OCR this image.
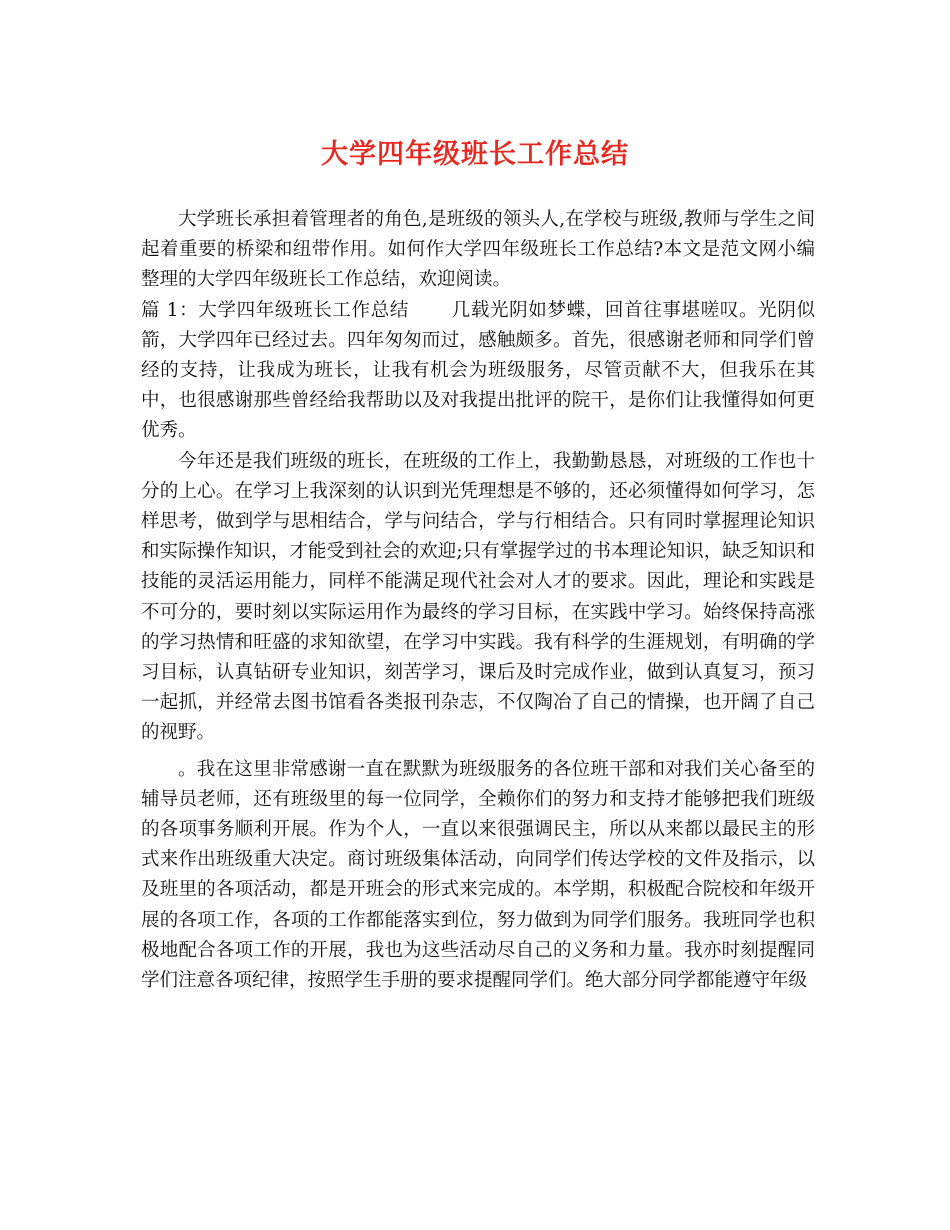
大学四年级班长工作总结

大学班长承担着管理者的角色,是班级的领头人,在学校与班级,教师与学生之间起着重要的桥梁和纽带作用。如何作大学四年级班长工作总结?本文是范文网小编整理的大学四年级班长工作总结，欢迎阅读。

篇 1：大学四年级班长工作总结 几载光阴如梦蝶，回首往事堪嗟叹。光阴似箭，大学四年已经过去。四年匆匆而过，感触颇多。首先，很感谢老师和同学们曾经的支持，让我成为班长，让我有机会为班级服务，尽管贡献不大，但我乐在其中，也很感谢那些曾经给我帮助以及对我提出批评的院干，是你们让我懂得如何更优秀。

今年还是我们班级的班长，在班级的工作上，我勤勤恳恳，对班级的工作也十分的上心。在学习上我深刻的认识到光凭理想是不够的，还必须懂得如何学习，怎样思考，做到学与思相结合，学与问结合，学与行相结合。只有同时掌握理论知识和实际操作知识，才能受到社会的欢迎;只有掌握学过的书本理论知识，缺乏知识和技能的灵活运用能力，同样不能满足现代社会对人才的要求。因此，理论和实践是不可分的，要时刻以实际运用作为最终的学习目标，在实践中学习。始终保持高涨的学习热情和旺盛的求知欲望，在学习中实践。我有科学的生涯规划，有明确的学习目标，认真钻研专业知识，刻苦学习，课后及时完成作业，做到认真复习，预习一起抓，并经常去图书馆看各类报刊杂志，不仅陶冶了自己的情操，也开阔了自己的视野。

。我在这里非常感谢一直在默默为班级服务的各位班干部和对我们关心备至的辅导员老师，还有班级里的每一位同学，全赖你们的努力和支持才能够把我们班级的各项事务顺利开展。作为个人，一直以来很强调民主，所以从来都以最民主的形式来作出班级重大决定。商讨班级集体活动，向同学们传达学校的文件及指示，以及班里的各项活动，都是开班会的形式来完成的。本学期，积极配合院校和年级开展的各项工作，各项的工作都能落实到位，努力做到为同学们服务。我班同学也积极地配合各项工作的开展，我也为这些活动尽自己的义务和力量。我亦时刻提醒同学们注意各项纪律，按照学生手册的要求提醒同学们。绝大部分同学都能遵守年级
